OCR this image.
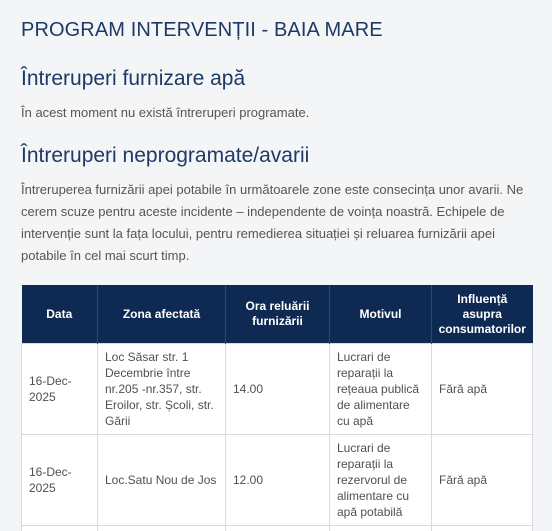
PROGRAM INTERVENȚII - BAIA MARE
Întreruperi furnizare apă

În acest moment nu există întreruperi programate.

Întreruperi neprogramate/avarii

Întreruperea furnizării apei potabile în următoarele zone este consecința unor avarii. Ne cerem scuze pentru aceste incidente – independente de voința noastră. Echipele de intervenție sunt la fața locului, pentru remedierea situației și reluarea furnizării apei potabile în cel mai scurt timp.

Data	Zona afectată	Ora reluării furnizării	Motivul	Influență asupra consumatorilor
16-Dec-2025	Loc Săsar str. 1 Decembrie între nr.205 -nr.357, str. Eroilor, str. Școli, str. Gării	14.00	Lucrari de reparații la rețeaua publică de alimentare cu apă	Fără apă
16-Dec-2025	Loc.Satu Nou de Jos	12.00	Lucrari de reparații la rezervorul de alimentare cu apă potabilă	Fără apă
